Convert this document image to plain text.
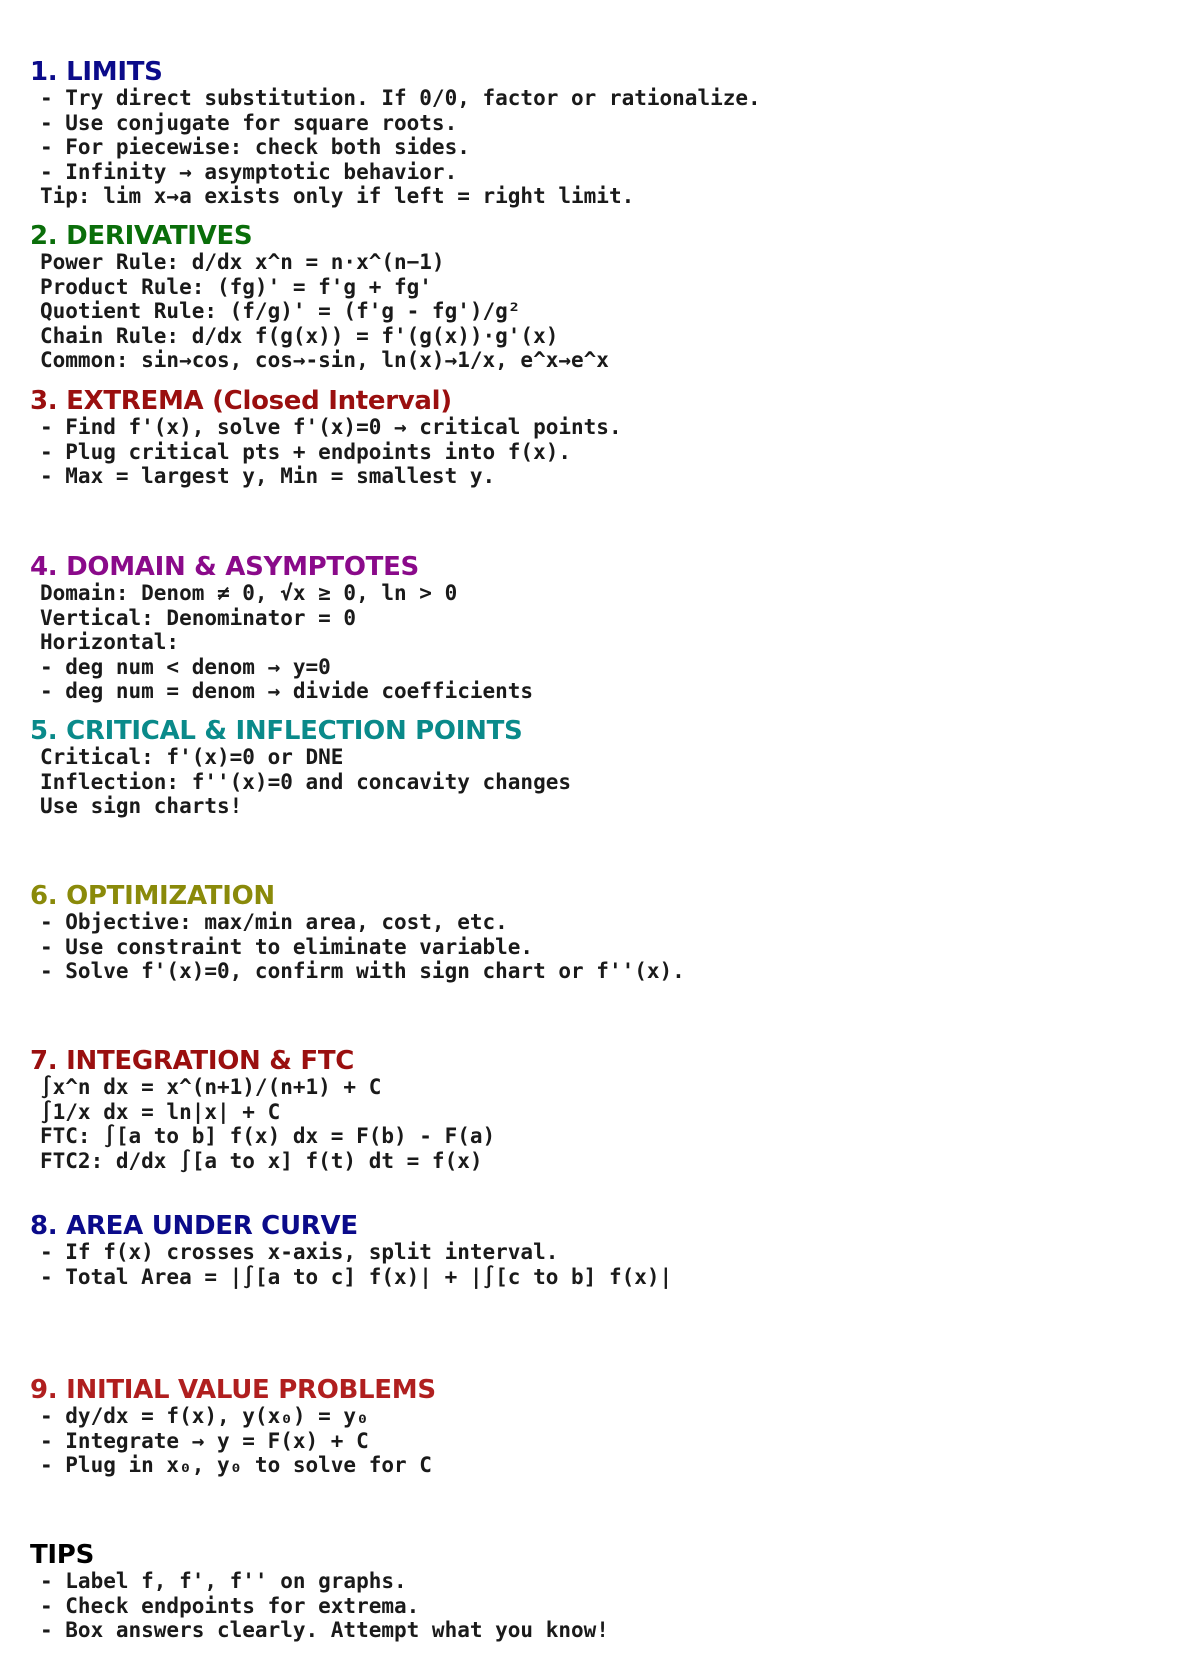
1. LIMITS
- Try direct substitution. If 0/0, factor or rationalize.
- Use conjugate for square roots.
- For piecewise: check both sides.
- Infinity → asymptotic behavior.
Tip: lim x→a exists only if left = right limit.
2. DERIVATIVES
Power Rule: d/dx x^n = n·x^(n−1)
Product Rule: (fg)' = f'g + fg'
Quotient Rule: (f/g)' = (f'g - fg')/g²
Chain Rule: d/dx f(g(x)) = f'(g(x))·g'(x)
Common: sin→cos, cos→-sin, ln(x)→1/x, e^x→e^x
3. EXTREMA (Closed Interval)
- Find f'(x), solve f'(x)=0 → critical points.
- Plug critical pts + endpoints into f(x).
- Max = largest y, Min = smallest y.
4. DOMAIN & ASYMPTOTES
Domain: Denom ≠ 0, √x ≥ 0, ln > 0
Vertical: Denominator = 0
Horizontal:
- deg num < denom → y=0
- deg num = denom → divide coefficients
5. CRITICAL & INFLECTION POINTS
Critical: f'(x)=0 or DNE
Inflection: f''(x)=0 and concavity changes
Use sign charts!
6. OPTIMIZATION
- Objective: max/min area, cost, etc.
- Use constraint to eliminate variable.
- Solve f'(x)=0, confirm with sign chart or f''(x).
7. INTEGRATION & FTC
∫x^n dx = x^(n+1)/(n+1) + C
∫1/x dx = ln|x| + C
FTC: ∫[a to b] f(x) dx = F(b) - F(a)
FTC2: d/dx ∫[a to x] f(t) dt = f(x)
8. AREA UNDER CURVE
- If f(x) crosses x-axis, split interval.
- Total Area = |∫[a to c] f(x)| + |∫[c to b] f(x)|
9. INITIAL VALUE PROBLEMS
- dy/dx = f(x), y(x₀) = y₀
- Integrate → y = F(x) + C
- Plug in x₀, y₀ to solve for C
TIPS
- Label f, f', f'' on graphs.
- Check endpoints for extrema.
- Box answers clearly. Attempt what you know!
